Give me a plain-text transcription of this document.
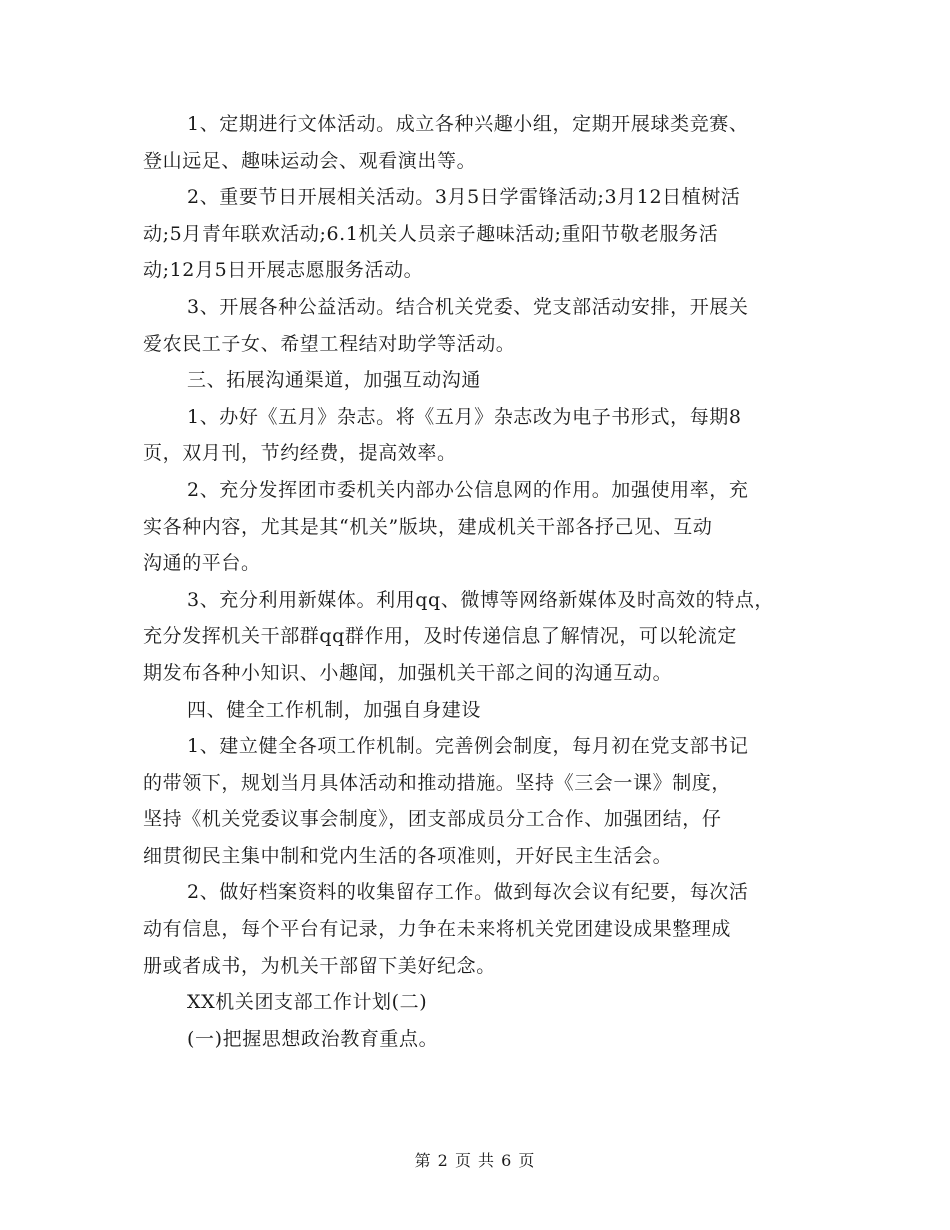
1、定期进行文体活动。成立各种兴趣小组，定期开展球类竞赛、
登山远足、趣味运动会、观看演出等。
2、重要节日开展相关活动。3月5日学雷锋活动;3月12日植树活
动;5月青年联欢活动;6.1机关人员亲子趣味活动;重阳节敬老服务活
动;12月5日开展志愿服务活动。
3、开展各种公益活动。结合机关党委、党支部活动安排，开展关
爱农民工子女、希望工程结对助学等活动。
三、拓展沟通渠道，加强互动沟通
1、办好《五月》杂志。将《五月》杂志改为电子书形式，每期8
页，双月刊，节约经费，提高效率。
2、充分发挥团市委机关内部办公信息网的作用。加强使用率，充
实各种内容，尤其是其“机关”版块，建成机关干部各抒己见、互动
沟通的平台。
3、充分利用新媒体。利用qq、微博等网络新媒体及时高效的特点，
充分发挥机关干部群qq群作用，及时传递信息了解情况，可以轮流定
期发布各种小知识、小趣闻，加强机关干部之间的沟通互动。
四、健全工作机制，加强自身建设
1、建立健全各项工作机制。完善例会制度，每月初在党支部书记
的带领下，规划当月具体活动和推动措施。坚持《三会一课》制度，
坚持《机关党委议事会制度》，团支部成员分工合作、加强团结，仔
细贯彻民主集中制和党内生活的各项准则，开好民主生活会。
2、做好档案资料的收集留存工作。做到每次会议有纪要，每次活
动有信息，每个平台有记录，力争在未来将机关党团建设成果整理成
册或者成书，为机关干部留下美好纪念。
XX机关团支部工作计划(二)
(一)把握思想政治教育重点。
第 2 页 共 6 页
